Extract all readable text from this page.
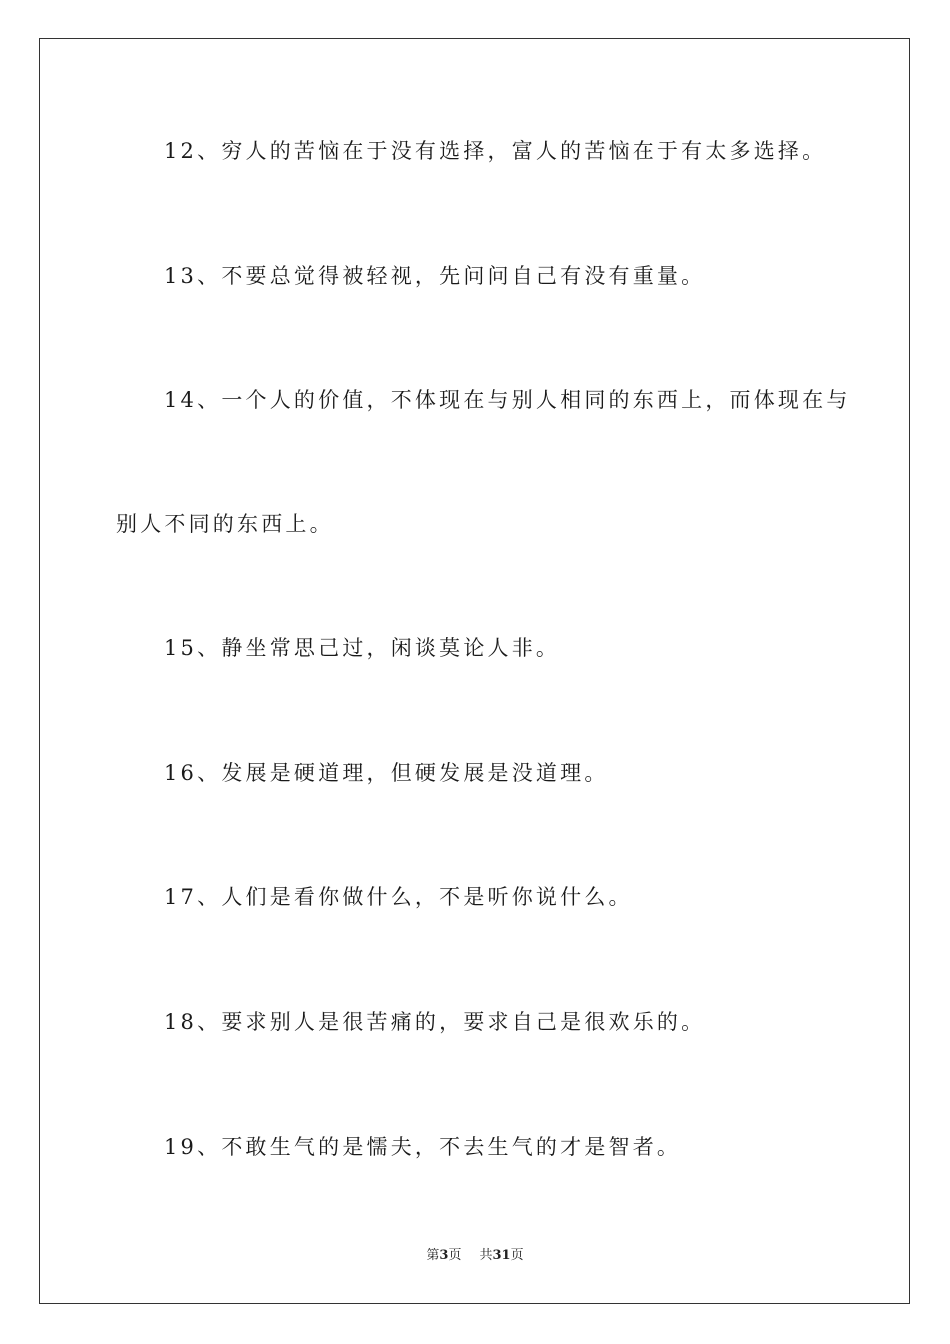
12、穷人的苦恼在于没有选择，富人的苦恼在于有太多选择。
13、不要总觉得被轻视，先问问自己有没有重量。
14、一个人的价值，不体现在与别人相同的东西上，而体现在与
别人不同的东西上。
15、静坐常思己过，闲谈莫论人非。
16、发展是硬道理，但硬发展是没道理。
17、人们是看你做什么，不是听你说什么。
18、要求别人是很苦痛的，要求自己是很欢乐的。
19、不敢生气的是懦夫，不去生气的才是智者。
第3页 共31页
